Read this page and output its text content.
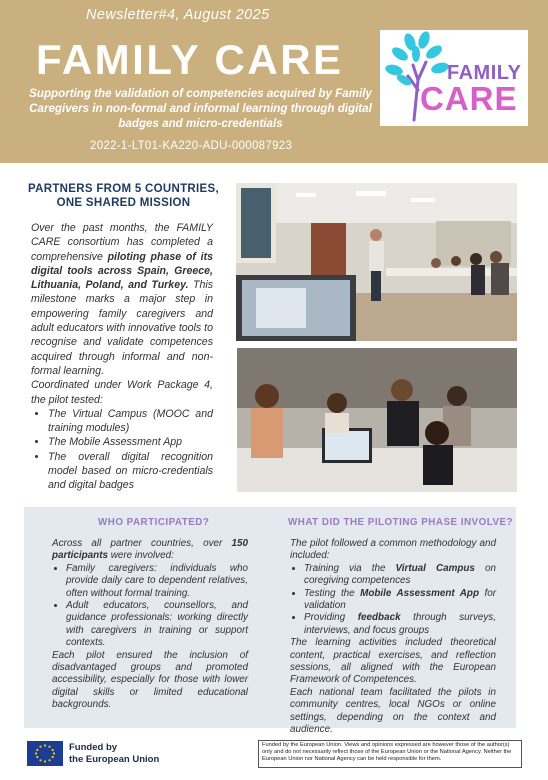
Newsletter#4, August 2025
FAMILY CARE
Supporting the validation of competencies acquired by Family Caregivers in non-formal and informal learning through digital badges and micro-credentials
2022-1-LT01-KA220-ADU-000087923
FAMILY
CARE
PARTNERS FROM 5 COUNTRIES, ONE SHARED MISSION

Over the past months, the FAMILY CARE consortium has completed a comprehensive piloting phase of its digital tools across Spain, Greece, Lithuania, Poland, and Turkey. This milestone marks a major step in empowering family caregivers and adult educators with innovative tools to recognise and validate competences acquired through informal and non-formal learning.

Coordinated under Work Package 4, the pilot tested:

• The Virtual Campus (MOOC and training modules)
• The Mobile Assessment App
• The overall digital recognition model based on micro-credentials and digital badges
WHO PARTICIPATED?

Across all partner countries, over 150 participants were involved:

• Family caregivers: individuals who provide daily care to dependent relatives, often without formal training.
• Adult educators, counsellors, and guidance professionals: working directly with caregivers in training or support contexts.

Each pilot ensured the inclusion of disadvantaged groups and promoted accessibility, especially for those with lower digital skills or limited educational backgrounds.

WHAT DID THE PILOTING PHASE INVOLVE?

The pilot followed a common methodology and included:

• Training via the Virtual Campus on coregiving competences
• Testing the Mobile Assessment App for validation
• Providing feedback through surveys, interviews, and focus groups

The learning activities included theoretical content, practical exercises, and reflection sessions, all aligned with the European Framework of Competences.

Each national team facilitated the pilots in community centres, local NGOs or online settings, depending on the context and audience.

Funded by
the European Union
Funded by the European Union. Views and opinions expressed are however those of the author(s) only and do not necessarily reflect those of the European Union or the National Agency. Neither the European Union nor National Agency can be held responsible for them.
